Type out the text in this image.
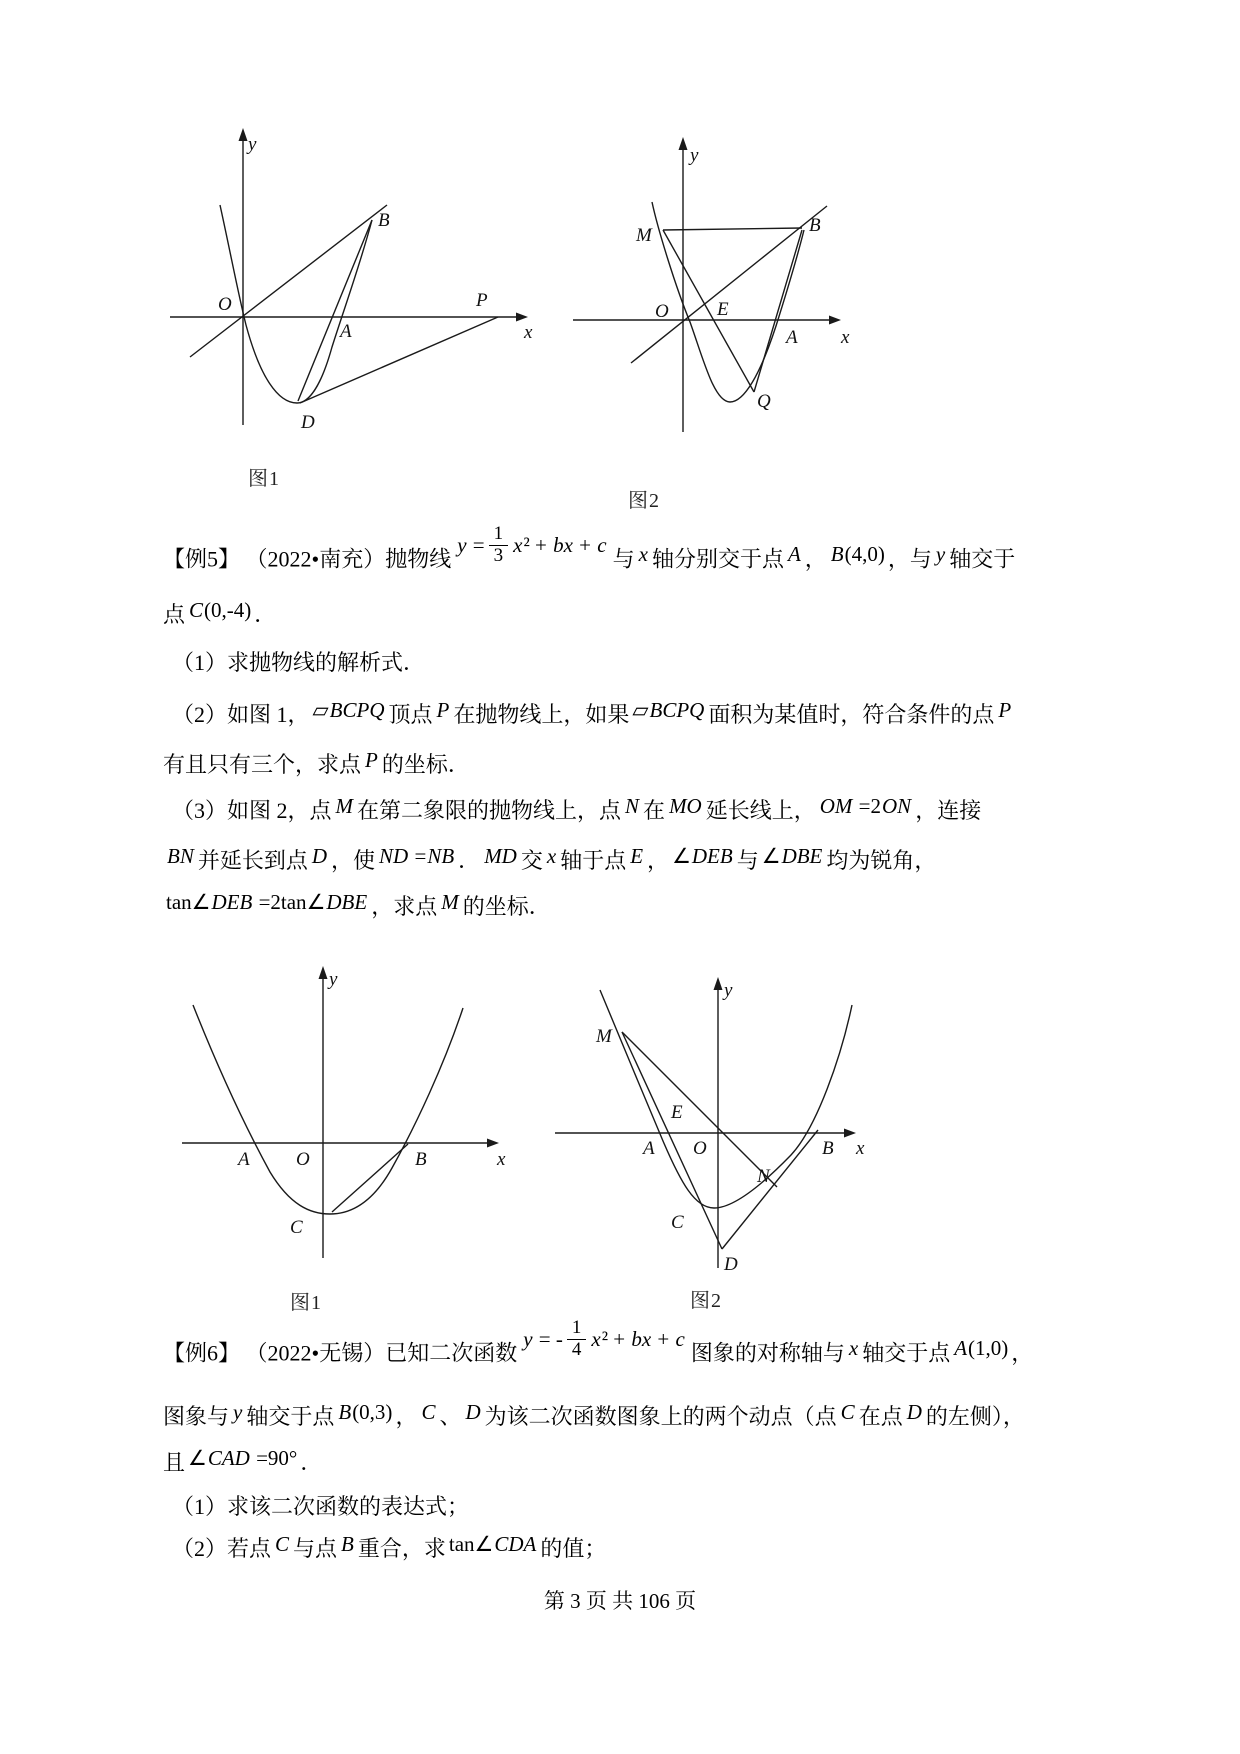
y
O
B
A
P
x
D
图1
y
M	B
O	E
A
Q
x
图2
【例5】 （2022•南充）抛物线
$y = \frac{1}{3} x^2$ + bx + c
与 x 轴分别交于点 A ， B(4,0) ，与 y 轴交于
点 C(0,-4) ．
（1）求抛物线的解析式．
（2）如图 1， ▱BCPQ 顶点 P 在抛物线上，如果 ▱BCPQ 面积为某值时，符合条件的点 P
有且只有三个，求点 P 的坐标．
（3）如图 2，点 M 在第二象限的抛物线上，点 N 在 MO 延长线上， OM =2ON ，连接
BN 并延长到点 D ，使 ND =NB ． MD 交 x 轴于点 E ， ∠DEB 与 ∠DBE 均为锐角，
tan∠DEB =2tan∠DBE ，求点 M 的坐标．
y
A O	B
C
x
图1
y
M
E
A O
N
B
C
D
x
图2
【例6】 （2022•无锡）已知二次函数
y = - 1
4 x² + bx + c
图象的对称轴与 x 轴交于点 A(1,0) ，
图象与 y 轴交于点 B(0,3) ， C 、 D 为该二次函数图象上的两个动点（点 C 在点 D 的左侧），
且 ∠CAD =90° ．
（1）求该二次函数的表达式；
（2）若点 C 与点 B 重合，求 tan∠CDA 的值；
第 3 页 共 106 页
